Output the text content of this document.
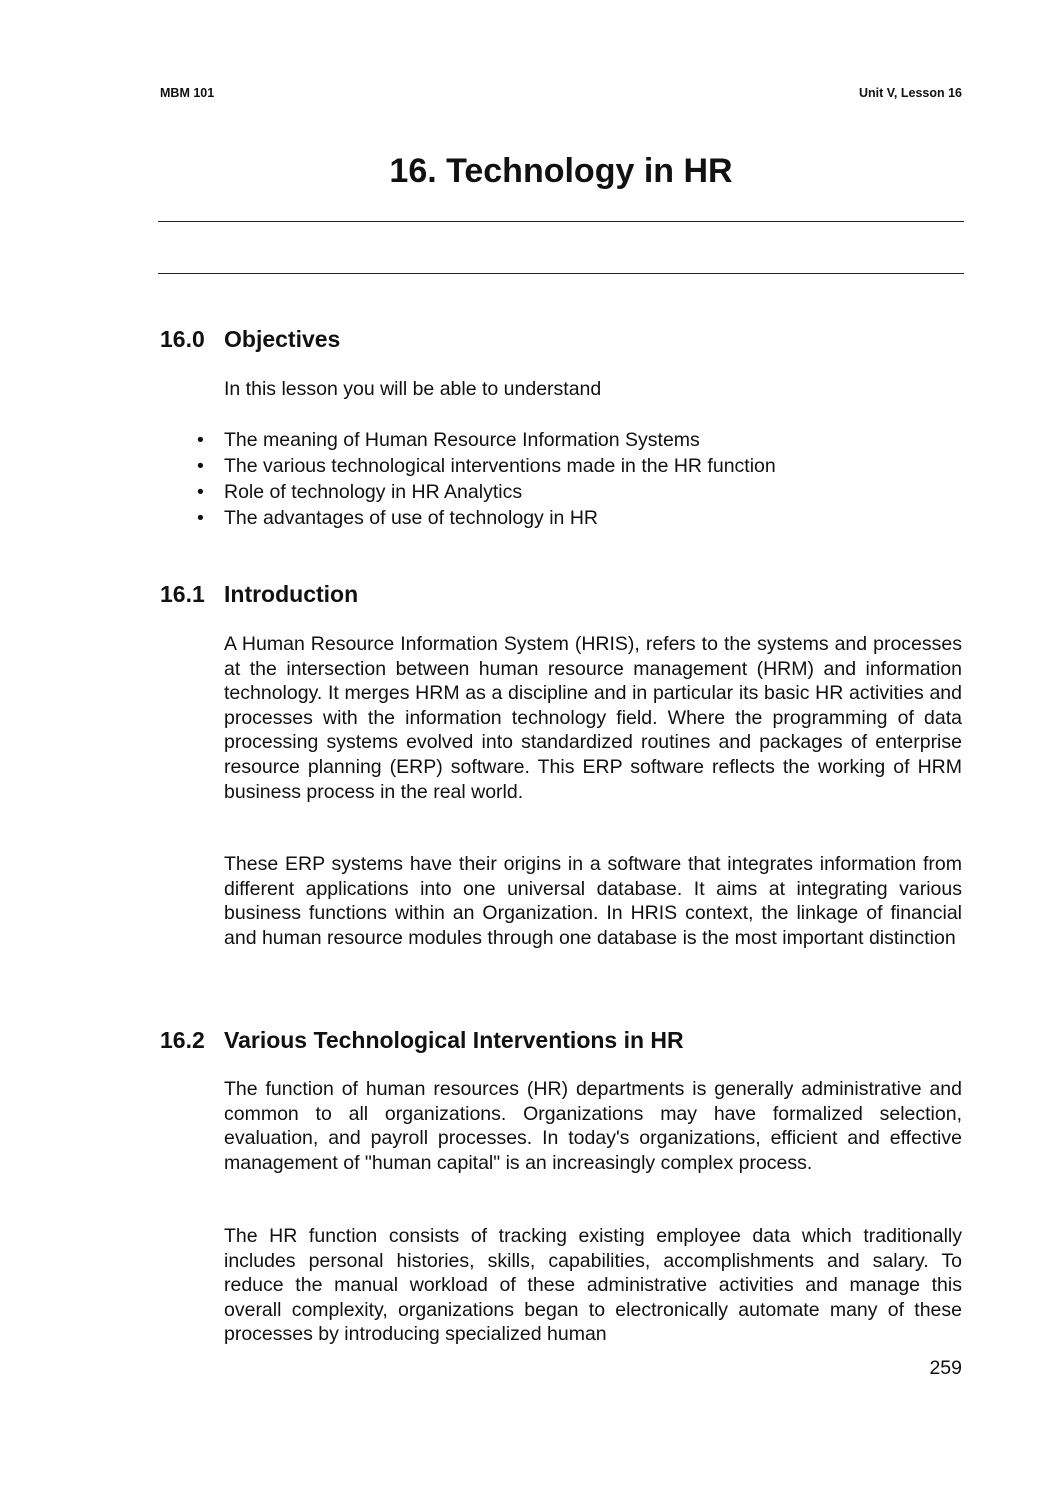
MBM 101	Unit V, Lesson 16
16. Technology in HR
16.0 Objectives

In this lesson you will be able to understand

• The meaning of Human Resource Information Systems
• The various technological interventions made in the HR function
• Role of technology in HR Analytics
• The advantages of use of technology in HR
16.1 Introduction

A Human Resource Information System (HRIS), refers to the systems and processes at the intersection between human resource management (HRM) and information technology. It merges HRM as a discipline and in particular its basic HR activities and processes with the information technology field. Where the programming of data processing systems evolved into standardized routines and packages of enterprise resource planning (ERP) software. This ERP software reflects the working of HRM business process in the real world.

These ERP systems have their origins in a software that integrates information from different applications into one universal database. It aims at integrating various business functions within an Organization. In HRIS context, the linkage of financial and human resource modules through one database is the most important distinction

16.2 Various Technological Interventions in HR

The function of human resources (HR) departments is generally administrative and common to all organizations. Organizations may have formalized selection, evaluation, and payroll processes. In today's organizations, efficient and effective management of "human capital" is an increasingly complex process.

The HR function consists of tracking existing employee data which traditionally includes personal histories, skills, capabilities, accomplishments and salary. To reduce the manual workload of these administrative activities and manage this overall complexity, organizations began to electronically automate many of these processes by introducing specialized human

259
